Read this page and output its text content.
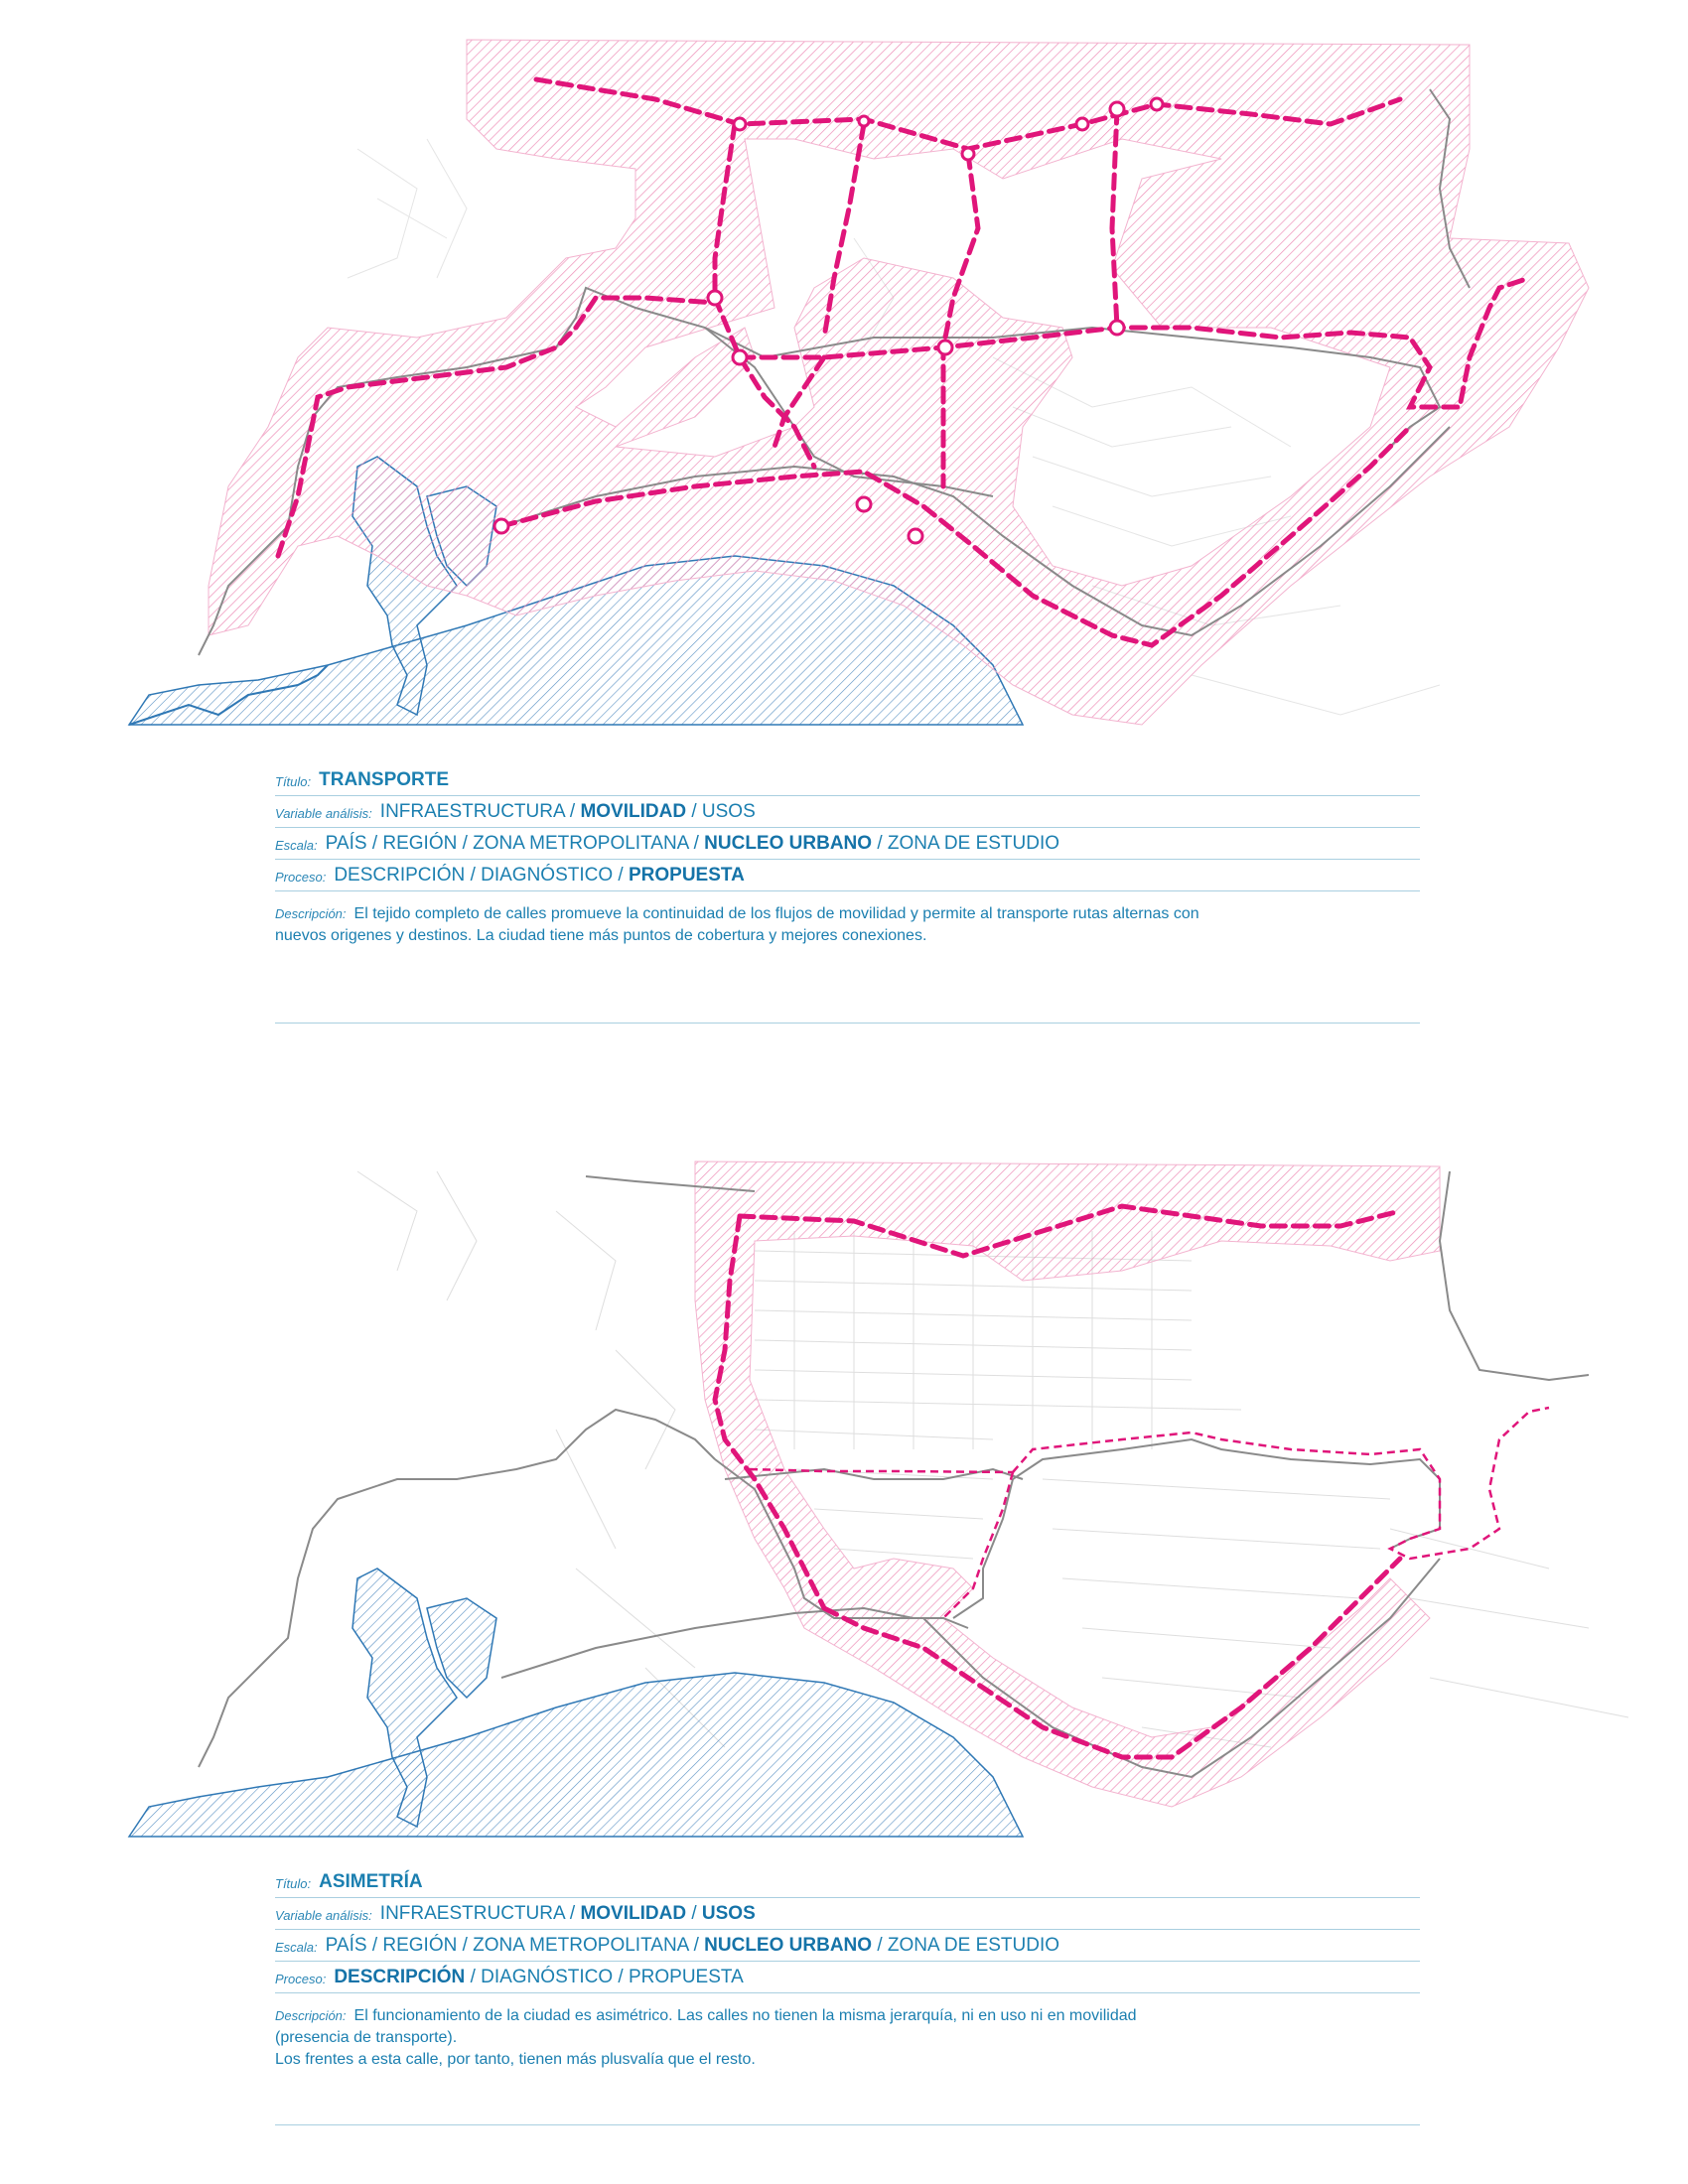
Título: TRANSPORTE
Variable análisis: INFRAESTRUCTURA / MOVILIDAD / USOS
Escala: PAÍS / REGIÓN / ZONA METROPOLITANA / NUCLEO URBANO / ZONA DE ESTUDIO
Proceso: DESCRIPCIÓN / DIAGNÓSTICO / PROPUESTA
Descripción: El tejido completo de calles promueve la continuidad de los flujos de movilidad y permite al transporte rutas alternas con
nuevos origenes y destinos. La ciudad tiene más puntos de cobertura y mejores conexiones.
Título: ASIMETRÍA
Variable análisis: INFRAESTRUCTURA / MOVILIDAD / USOS
Escala: PAÍS / REGIÓN / ZONA METROPOLITANA / NUCLEO URBANO / ZONA DE ESTUDIO
Proceso: DESCRIPCIÓN / DIAGNÓSTICO / PROPUESTA
Descripción: El funcionamiento de la ciudad es asimétrico. Las calles no tienen la misma jerarquía, ni en uso ni en movilidad
(presencia de transporte).
Los frentes a esta calle, por tanto, tienen más plusvalía que el resto.
